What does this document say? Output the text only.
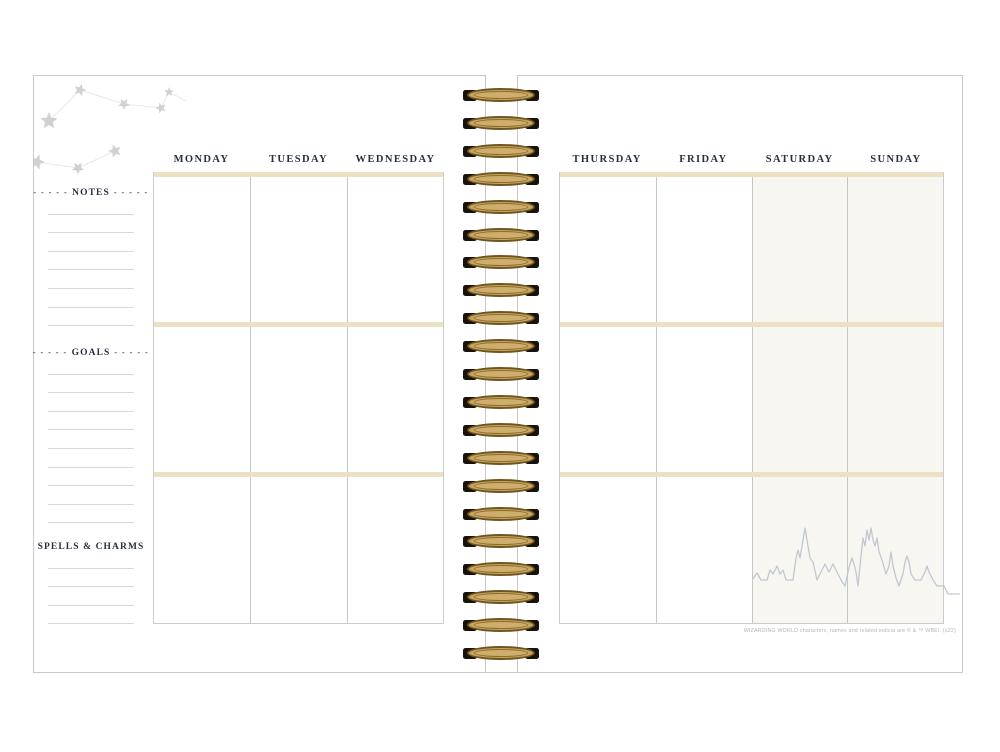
- - - - - NOTES - - - - -
- - - - - GOALS - - - - -
SPELLS & CHARMS
MONDAY	TUESDAY	WEDNESDAY	THURSDAY	FRIDAY	SATURDAY	SUNDAY
WIZARDING WORLD characters, names and related indicia are © & ™ WBEI. (s22)
